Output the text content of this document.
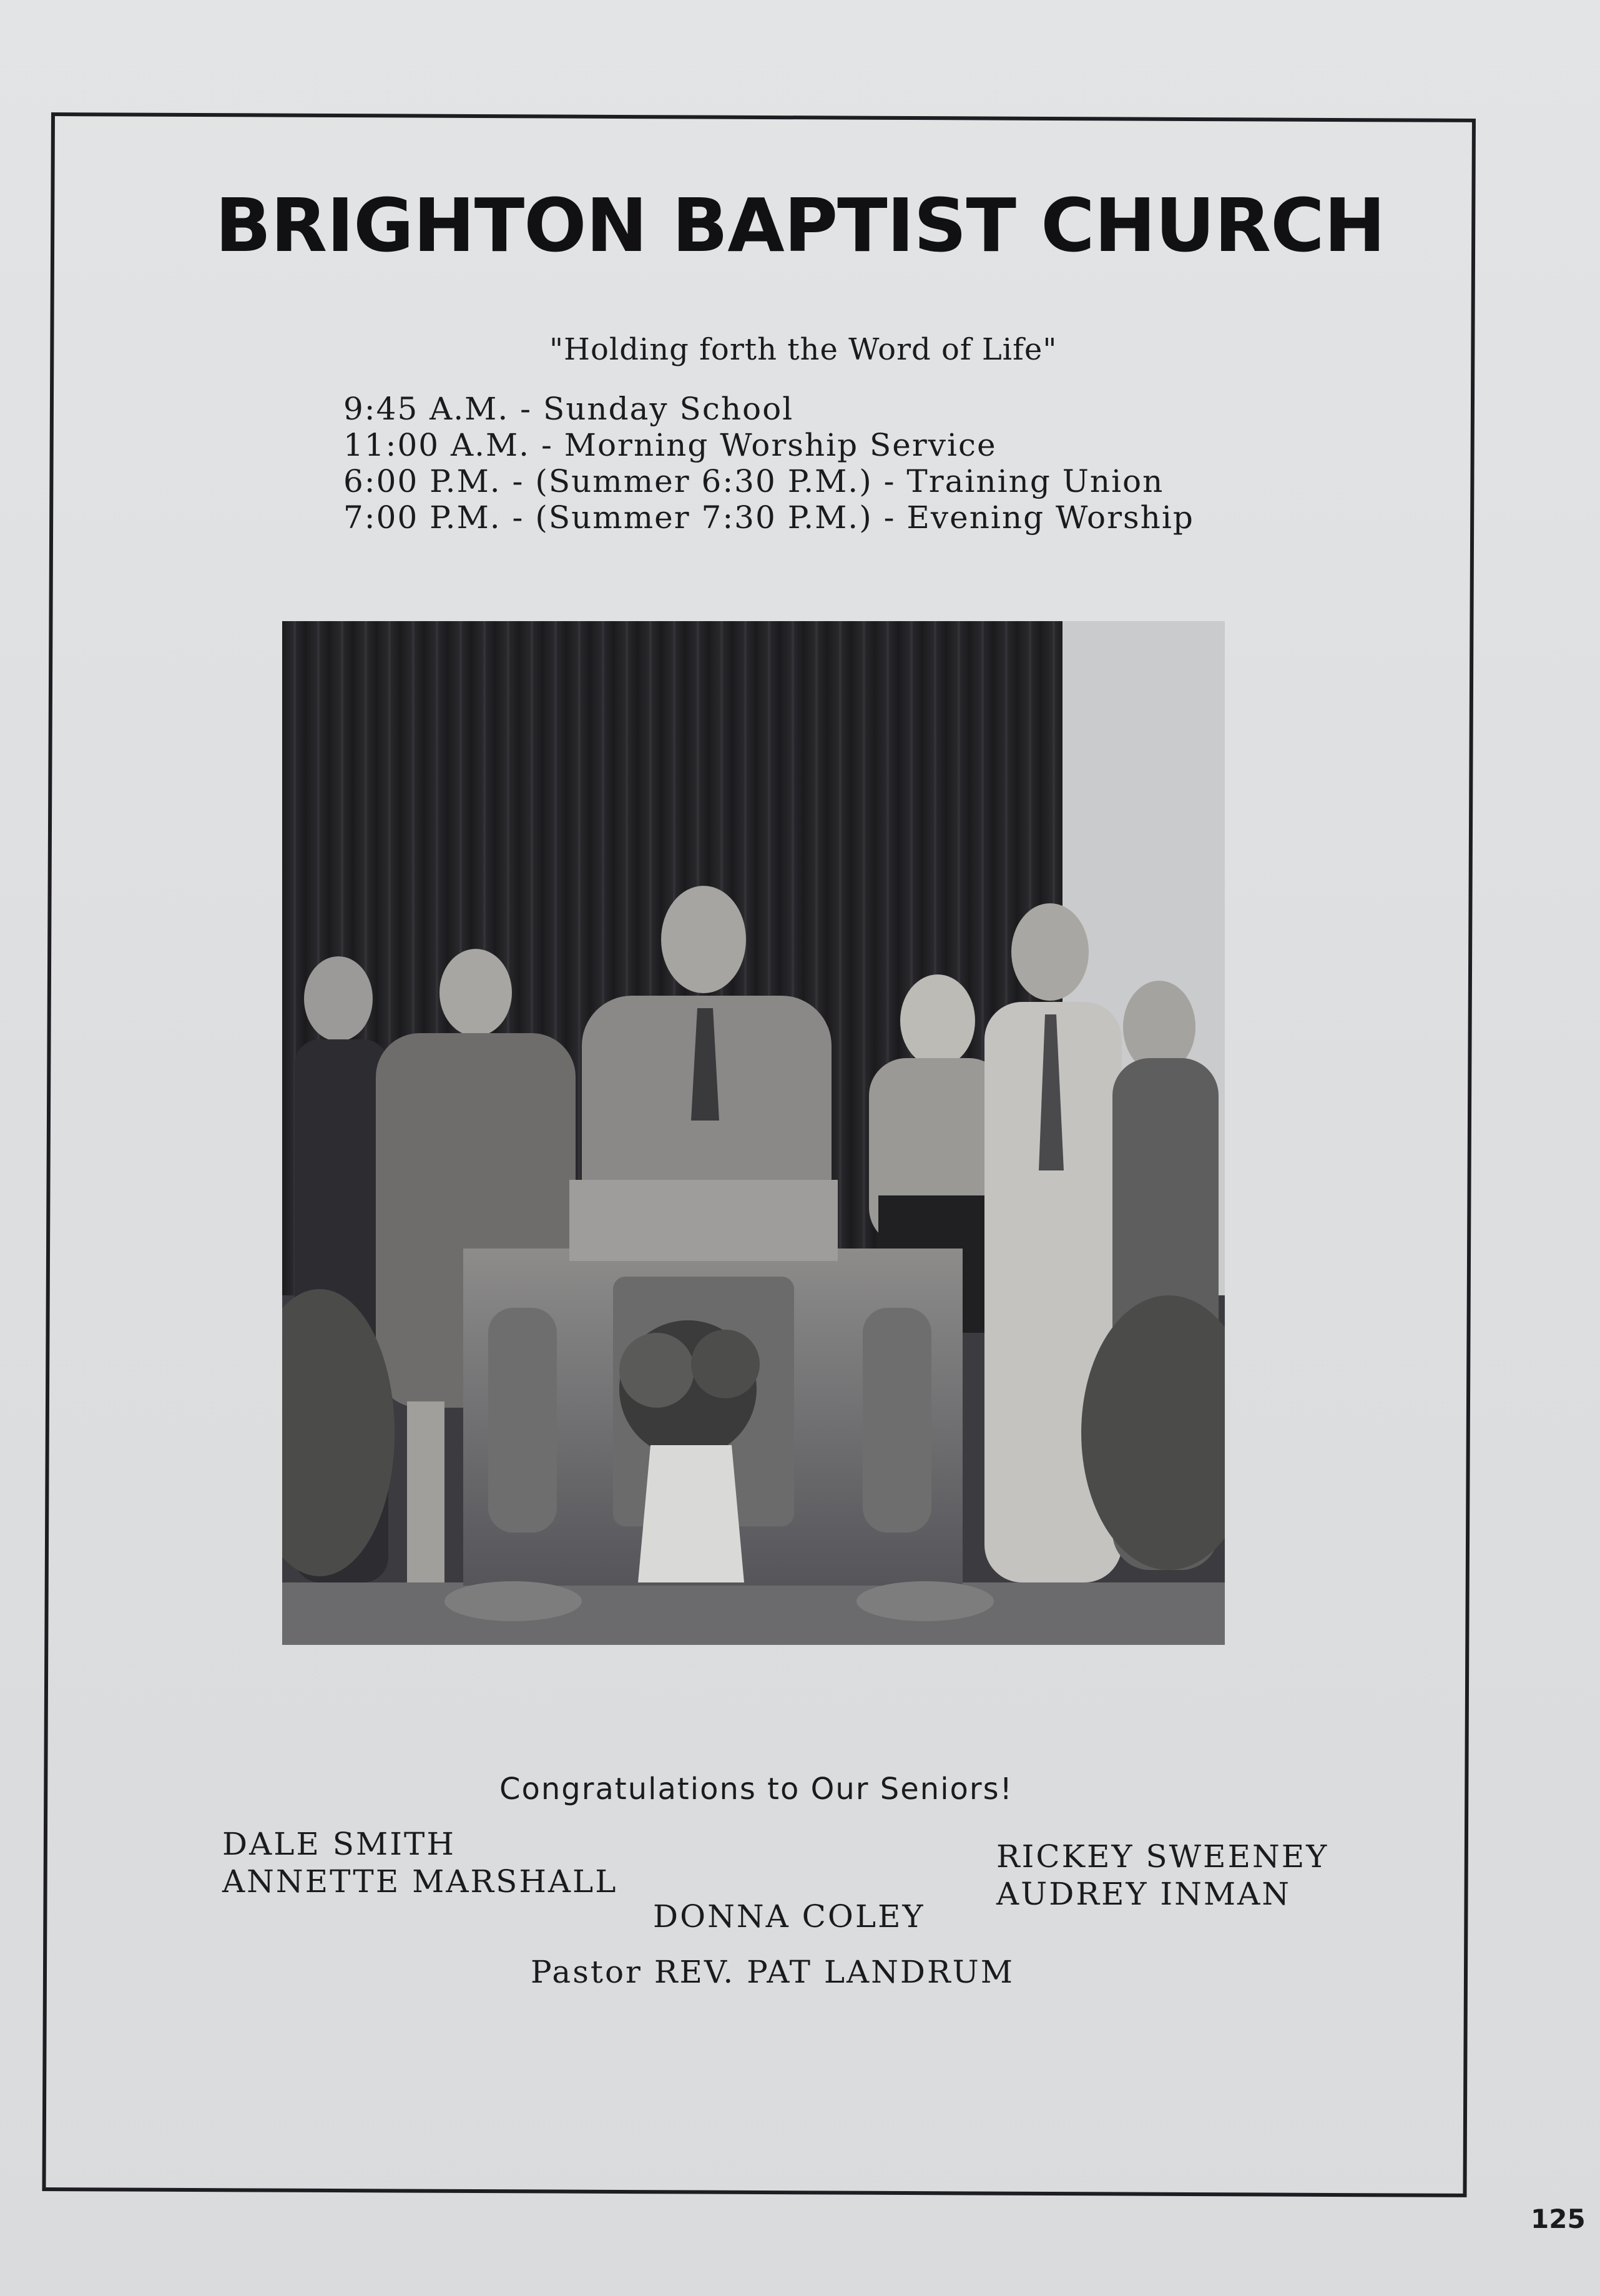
BRIGHTON BAPTIST CHURCH

"Holding forth the Word of Life"

9:45 A.M. - Sunday School
11:00 A.M. - Morning Worship Service
6:00 P.M. - (Summer 6:30 P.M.) - Training Union
7:00 P.M. - (Summer 7:30 P.M.) - Evening Worship

Congratulations to Our Seniors!

DALE SMITH

ANNETTE MARSHALL

DONNA COLEY

RICKEY SWEENEY

AUDREY INMAN

Pastor REV. PAT LANDRUM

125
